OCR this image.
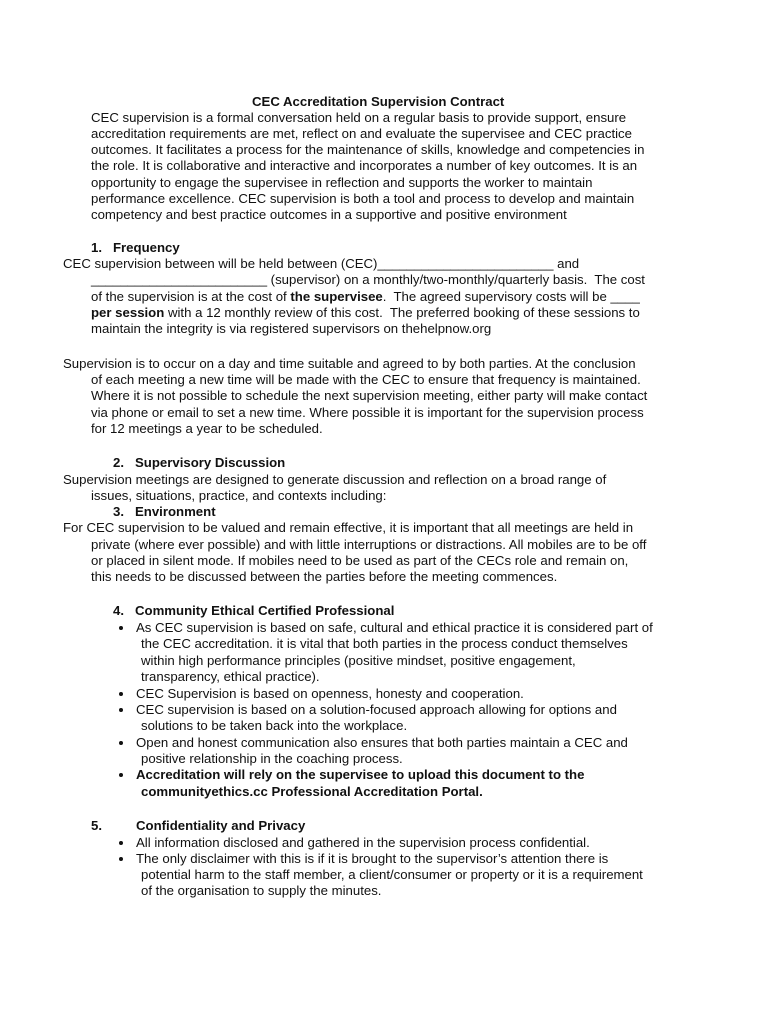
CEC Accreditation Supervision Contract
CEC supervision is a formal conversation held on a regular basis to provide support, ensure
accreditation requirements are met, reflect on and evaluate the supervisee and CEC practice
outcomes. It facilitates a process for the maintenance of skills, knowledge and competencies in
the role. It is collaborative and interactive and incorporates a number of key outcomes. It is an
opportunity to engage the supervisee in reflection and supports the worker to maintain
performance excellence. CEC supervision is both a tool and process to develop and maintain
competency and best practice outcomes in a supportive and positive environment
1.   Frequency
CEC supervision between will be held between (CEC)________________________ and
________________________ (supervisor) on a monthly/two-monthly/quarterly basis.  The cost
of the supervision is at the cost of the supervisee.  The agreed supervisory costs will be ____
per session with a 12 monthly review of this cost.  The preferred booking of these sessions to
maintain the integrity is via registered supervisors on thehelpnow.org
Supervision is to occur on a day and time suitable and agreed to by both parties. At the conclusion
of each meeting a new time will be made with the CEC to ensure that frequency is maintained.
Where it is not possible to schedule the next supervision meeting, either party will make contact
via phone or email to set a new time. Where possible it is important for the supervision process
for 12 meetings a year to be scheduled.
2.   Supervisory Discussion
Supervision meetings are designed to generate discussion and reflection on a broad range of
issues, situations, practice, and contexts including:
3.   Environment
For CEC supervision to be valued and remain effective, it is important that all meetings are held in
private (where ever possible) and with little interruptions or distractions. All mobiles are to be off
or placed in silent mode. If mobiles need to be used as part of the CECs role and remain on,
this needs to be discussed between the parties before the meeting commences.
4.   Community Ethical Certified Professional
As CEC supervision is based on safe, cultural and ethical practice it is considered part of
the CEC accreditation. it is vital that both parties in the process conduct themselves
within high performance principles (positive mindset, positive engagement,
transparency, ethical practice).
CEC Supervision is based on openness, honesty and cooperation.
CEC supervision is based on a solution-focused approach allowing for options and
solutions to be taken back into the workplace.
Open and honest communication also ensures that both parties maintain a CEC and
positive relationship in the coaching process.
Accreditation will rely on the supervisee to upload this document to the
communityethics.cc Professional Accreditation Portal.
5.	Confidentiality and Privacy
All information disclosed and gathered in the supervision process confidential.
The only disclaimer with this is if it is brought to the supervisor’s attention there is
potential harm to the staff member, a client/consumer or property or it is a requirement
of the organisation to supply the minutes.
